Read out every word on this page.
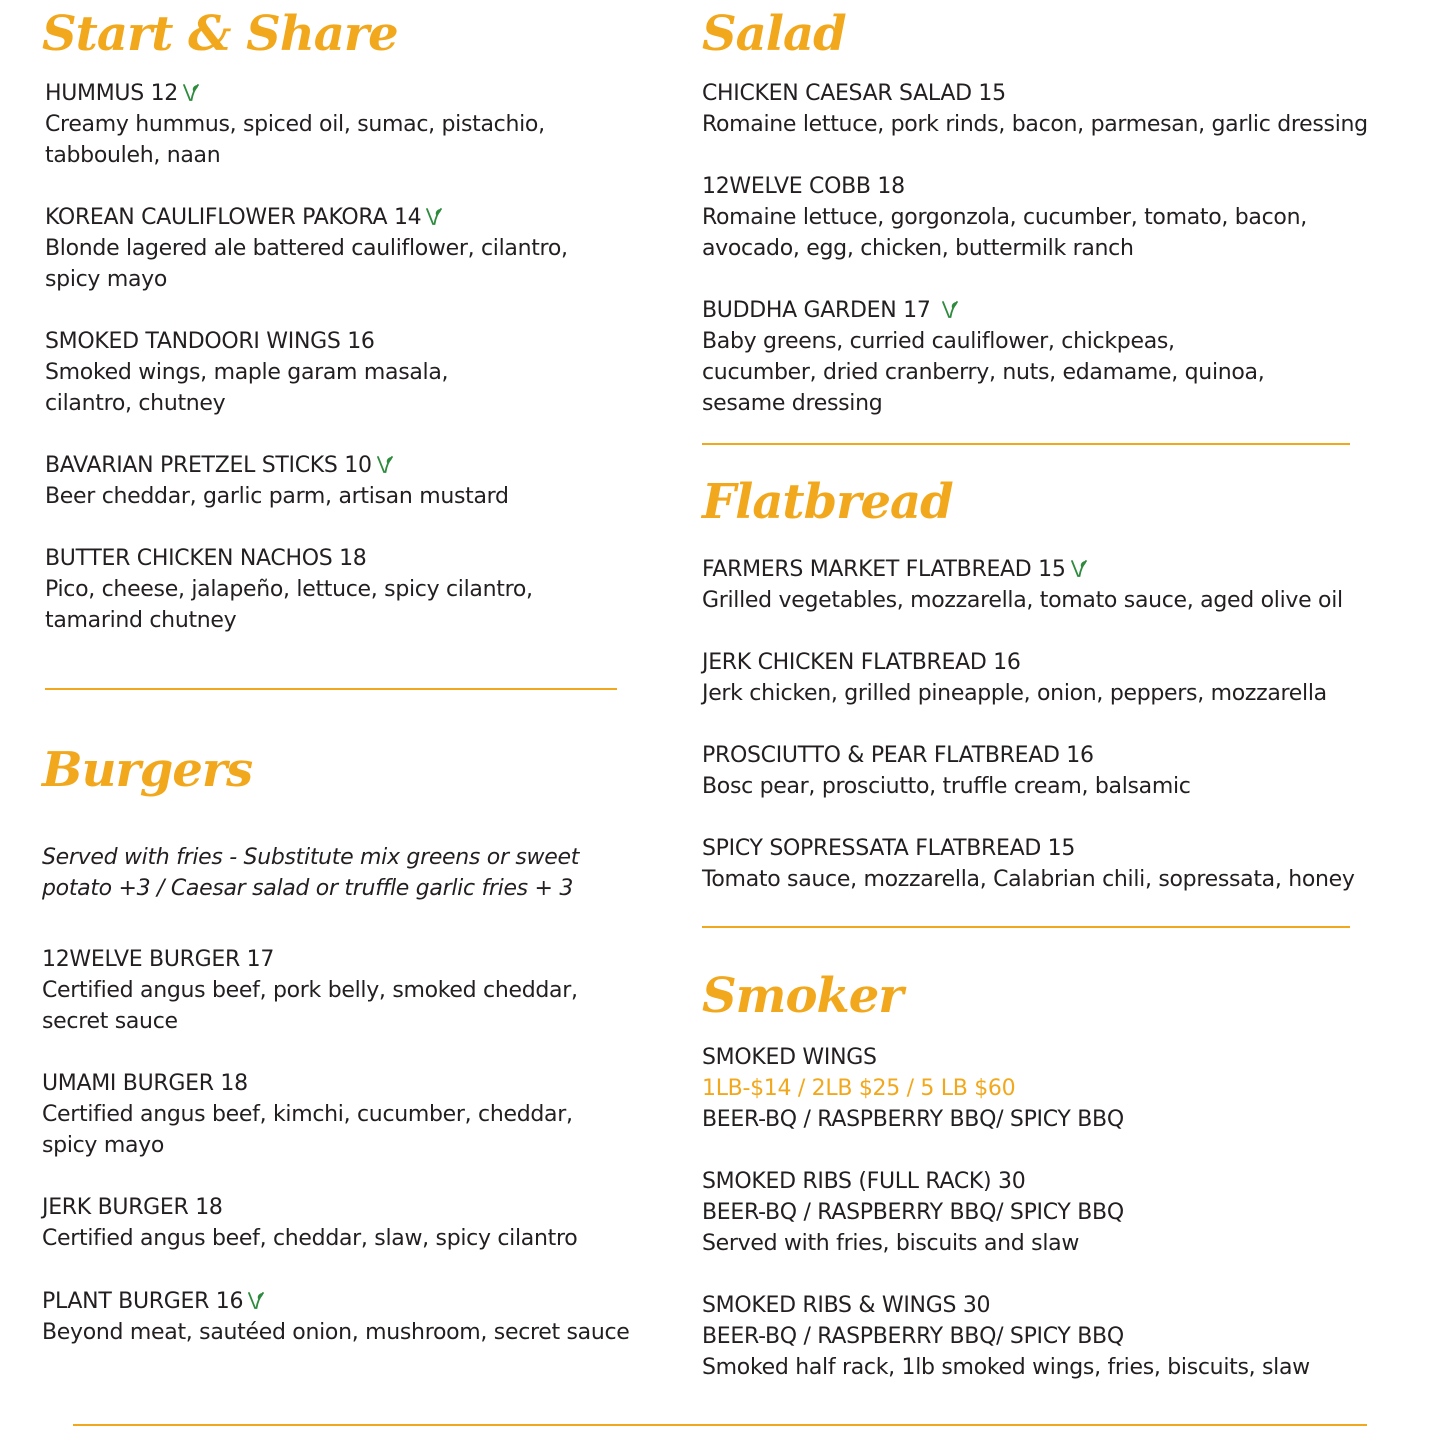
Start & Share
HUMMUS 12
Creamy hummus, spiced oil, sumac, pistachio,
tabbouleh, naan
KOREAN CAULIFLOWER PAKORA 14
Blonde lagered ale battered cauliflower, cilantro,
spicy mayo
SMOKED TANDOORI WINGS 16
Smoked wings, maple garam masala,
cilantro, chutney
BAVARIAN PRETZEL STICKS 10
Beer cheddar, garlic parm, artisan mustard
BUTTER CHICKEN NACHOS 18
Pico, cheese, jalapeño, lettuce, spicy cilantro,
tamarind chutney
Burgers
Served with fries - Substitute mix greens or sweet
potato +3 / Caesar salad or truffle garlic fries + 3
12WELVE BURGER 17
Certified angus beef, pork belly, smoked cheddar,
secret sauce
UMAMI BURGER 18
Certified angus beef, kimchi, cucumber, cheddar,
spicy mayo
JERK BURGER 18
Certified angus beef, cheddar, slaw, spicy cilantro
PLANT BURGER 16
Beyond meat, sautéed onion, mushroom, secret sauce
Salad
CHICKEN CAESAR SALAD 15
Romaine lettuce, pork rinds, bacon, parmesan, garlic dressing
12WELVE COBB 18
Romaine lettuce, gorgonzola, cucumber, tomato, bacon,
avocado, egg, chicken, buttermilk ranch
BUDDHA GARDEN 17
Baby greens, curried cauliflower, chickpeas,
cucumber, dried cranberry, nuts, edamame, quinoa,
sesame dressing
Flatbread
FARMERS MARKET FLATBREAD 15
Grilled vegetables, mozzarella, tomato sauce, aged olive oil
JERK CHICKEN FLATBREAD 16
Jerk chicken, grilled pineapple, onion, peppers, mozzarella
PROSCIUTTO & PEAR FLATBREAD 16
Bosc pear, prosciutto, truffle cream, balsamic
SPICY SOPRESSATA FLATBREAD 15
Tomato sauce, mozzarella, Calabrian chili, sopressata, honey
Smoker
SMOKED WINGS
1LB-$14 / 2LB $25 / 5 LB $60
BEER-BQ / RASPBERRY BBQ/ SPICY BBQ
SMOKED RIBS (FULL RACK) 30
BEER-BQ / RASPBERRY BBQ/ SPICY BBQ
Served with fries, biscuits and slaw
SMOKED RIBS & WINGS 30
BEER-BQ / RASPBERRY BBQ/ SPICY BBQ
Smoked half rack, 1lb smoked wings, fries, biscuits, slaw
